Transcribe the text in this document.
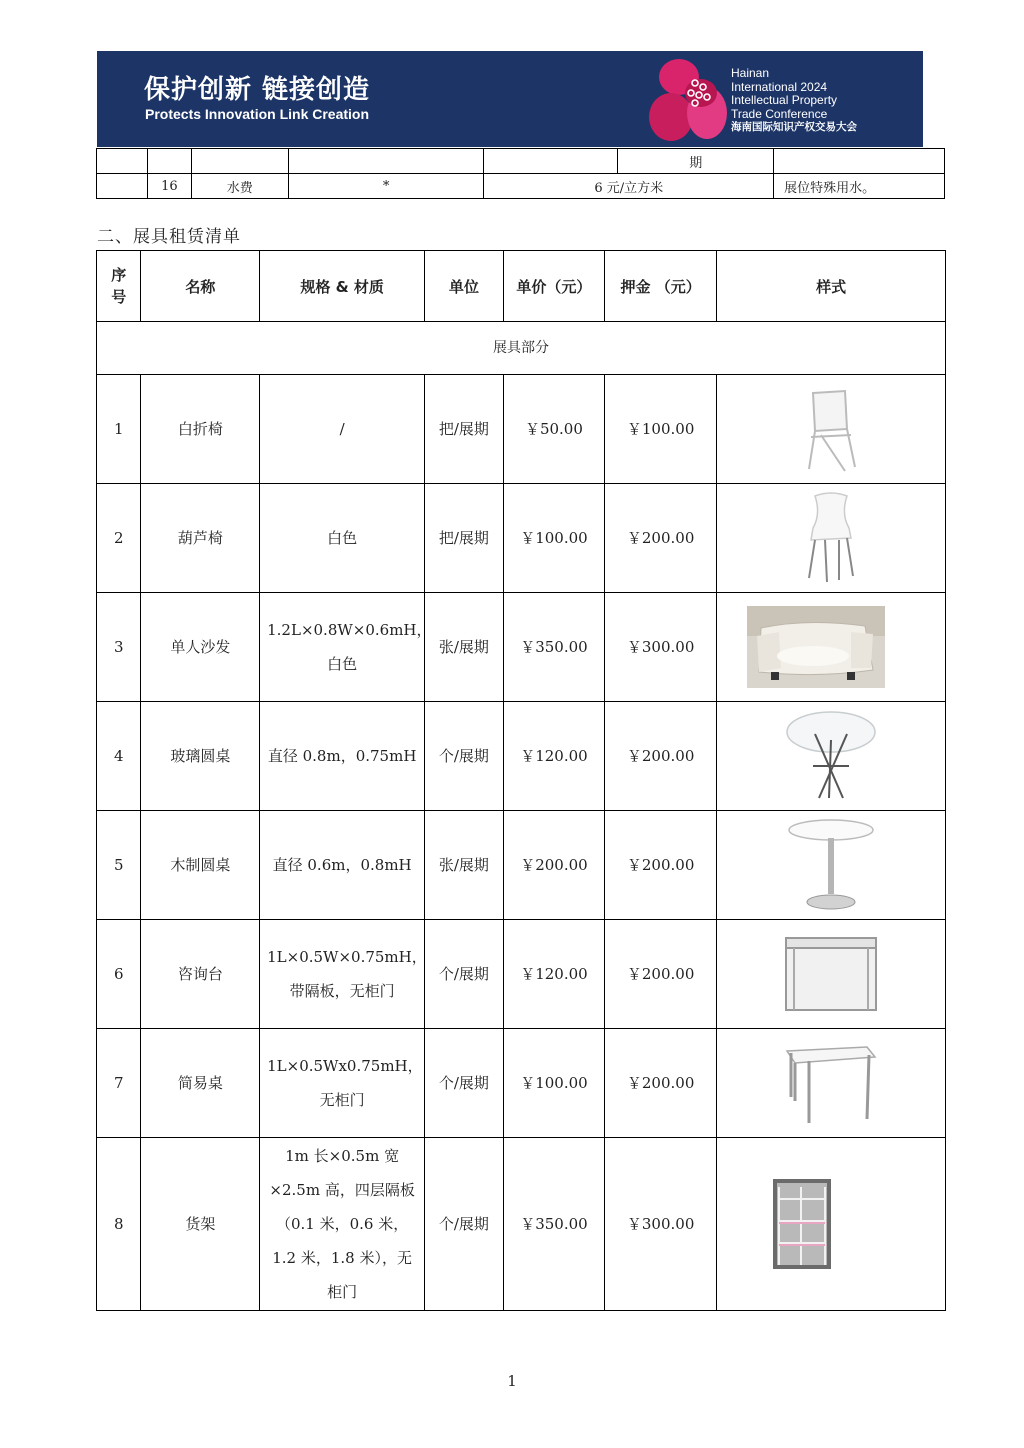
保护创新 链接创造
Protects Innovation Link Creation
Hainan
International 2024
Intellectual Property
Trade Conference
海南国际知识产权交易大会
					期	
	16	水费	*	6 元/立方米		展位特殊用水。
二、展具租赁清单
序号	名称	规格 & 材质	单位	单价（元）	押金 （元）	样式
展具部分						
1	白折椅	/	把/展期	￥50.00	￥100.00	

2	葫芦椅	白色	把/展期	￥100.00	￥200.00	

3	单人沙发	1.2L×0.8W×0.6mH，白色	张/展期	￥350.00	￥300.00	

4	玻璃圆桌	直径 0.8m，0.75mH	个/展期	￥120.00	￥200.00	

5	木制圆桌	直径 0.6m，0.8mH	张/展期	￥200.00	￥200.00	

6	咨询台	1L×0.5W×0.75mH，带隔板，无柜门	个/展期	￥120.00	￥200.00	

7	简易桌	1L×0.5Wx0.75mH，无柜门	个/展期	￥100.00	￥200.00	

8	货架	1m 长×0.5m 宽×2.5m 高，四层隔板（0.1 米，0.6 米，1.2 米，1.8 米），无柜门	个/展期	￥350.00	￥300.00	
1
